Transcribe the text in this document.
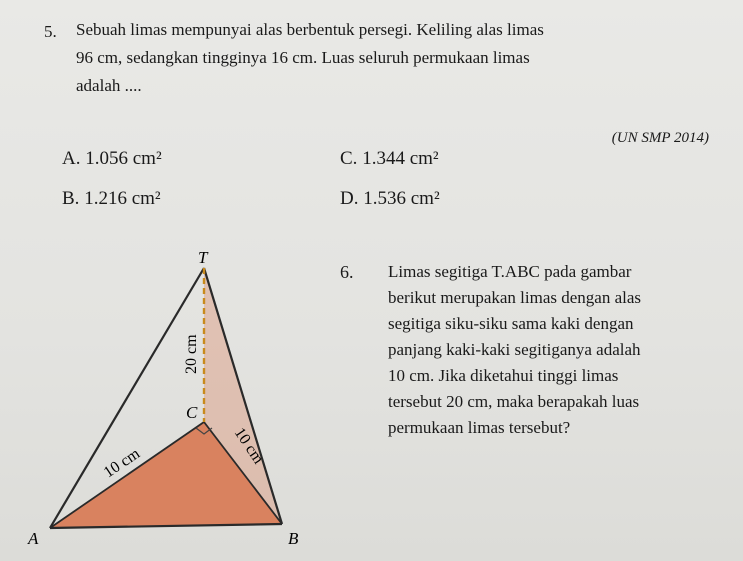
5. Sebuah limas mempunyai alas berbentuk persegi. Keliling alas limas
96 cm, sedangkan tingginya 16 cm. Luas seluruh permukaan limas
adalah ....
(UN SMP 2014)
A. 1.056 cm²
B. 1.216 cm²
C. 1.344 cm²
D. 1.536 cm²
T
C
A	B
20 cm
10 cm	10 cm
6. Limas segitiga T.ABC pada gambar
berikut merupakan limas dengan alas
segitiga siku-siku sama kaki dengan
panjang kaki-kaki segitiganya adalah
10 cm. Jika diketahui tinggi limas
tersebut 20 cm, maka berapakah luas
permukaan limas tersebut?
